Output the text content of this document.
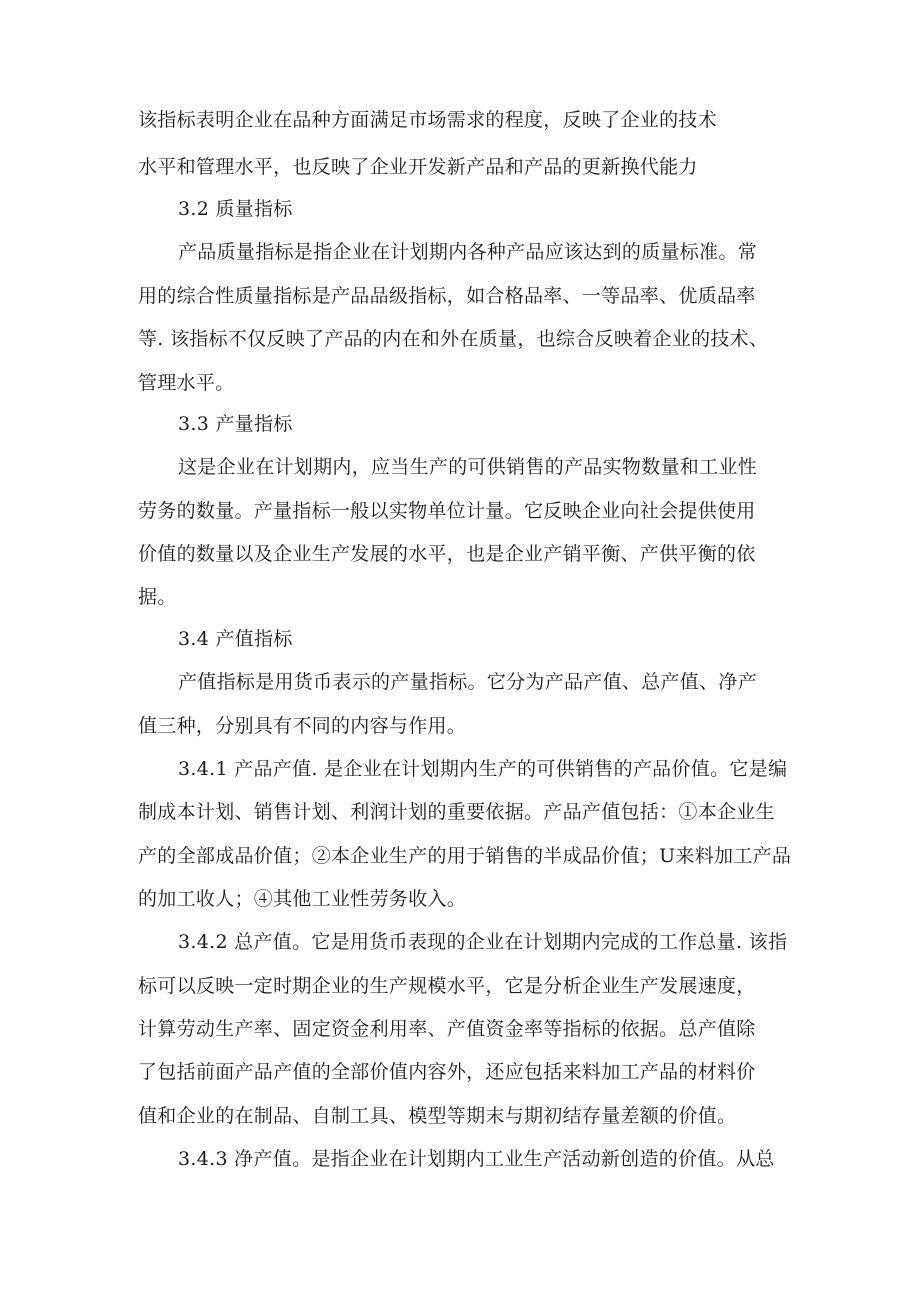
该指标表明企业在品种方面满足市场需求的程度，反映了企业的技术
水平和管理水平，也反映了企业开发新产品和产品的更新换代能力
3.2 质量指标
产品质量指标是指企业在计划期内各种产品应该达到的质量标准。常
用的综合性质量指标是产品品级指标，如合格品率、一等品率、优质品率
等. 该指标不仅反映了产品的内在和外在质量，也综合反映着企业的技术、
管理水平。
3.3 产量指标
这是企业在计划期内，应当生产的可供销售的产品实物数量和工业性
劳务的数量。产量指标一般以实物单位计量。它反映企业向社会提供使用
价值的数量以及企业生产发展的水平，也是企业产销平衡、产供平衡的依
据。
3.4 产值指标
产值指标是用货币表示的产量指标。它分为产品产值、总产值、净产
值三种，分别具有不同的内容与作用。
3.4.1 产品产值. 是企业在计划期内生产的可供销售的产品价值。它是编
制成本计划、销售计划、利润计划的重要依据。产品产值包括：①本企业生
产的全部成品价值；②本企业生产的用于销售的半成品价值；U来料加工产品
的加工收人；④其他工业性劳务收入。
3.4.2 总产值。它是用货币表现的企业在计划期内完成的工作总量. 该指
标可以反映一定时期企业的生产规模水平，它是分析企业生产发展速度，
计算劳动生产率、固定资金利用率、产值资金率等指标的依据。总产值除
了包括前面产品产值的全部价值内容外，还应包括来料加工产品的材料价
值和企业的在制品、自制工具、模型等期末与期初结存量差额的价值。
3.4.3 净产值。是指企业在计划期内工业生产活动新创造的价值。从总
